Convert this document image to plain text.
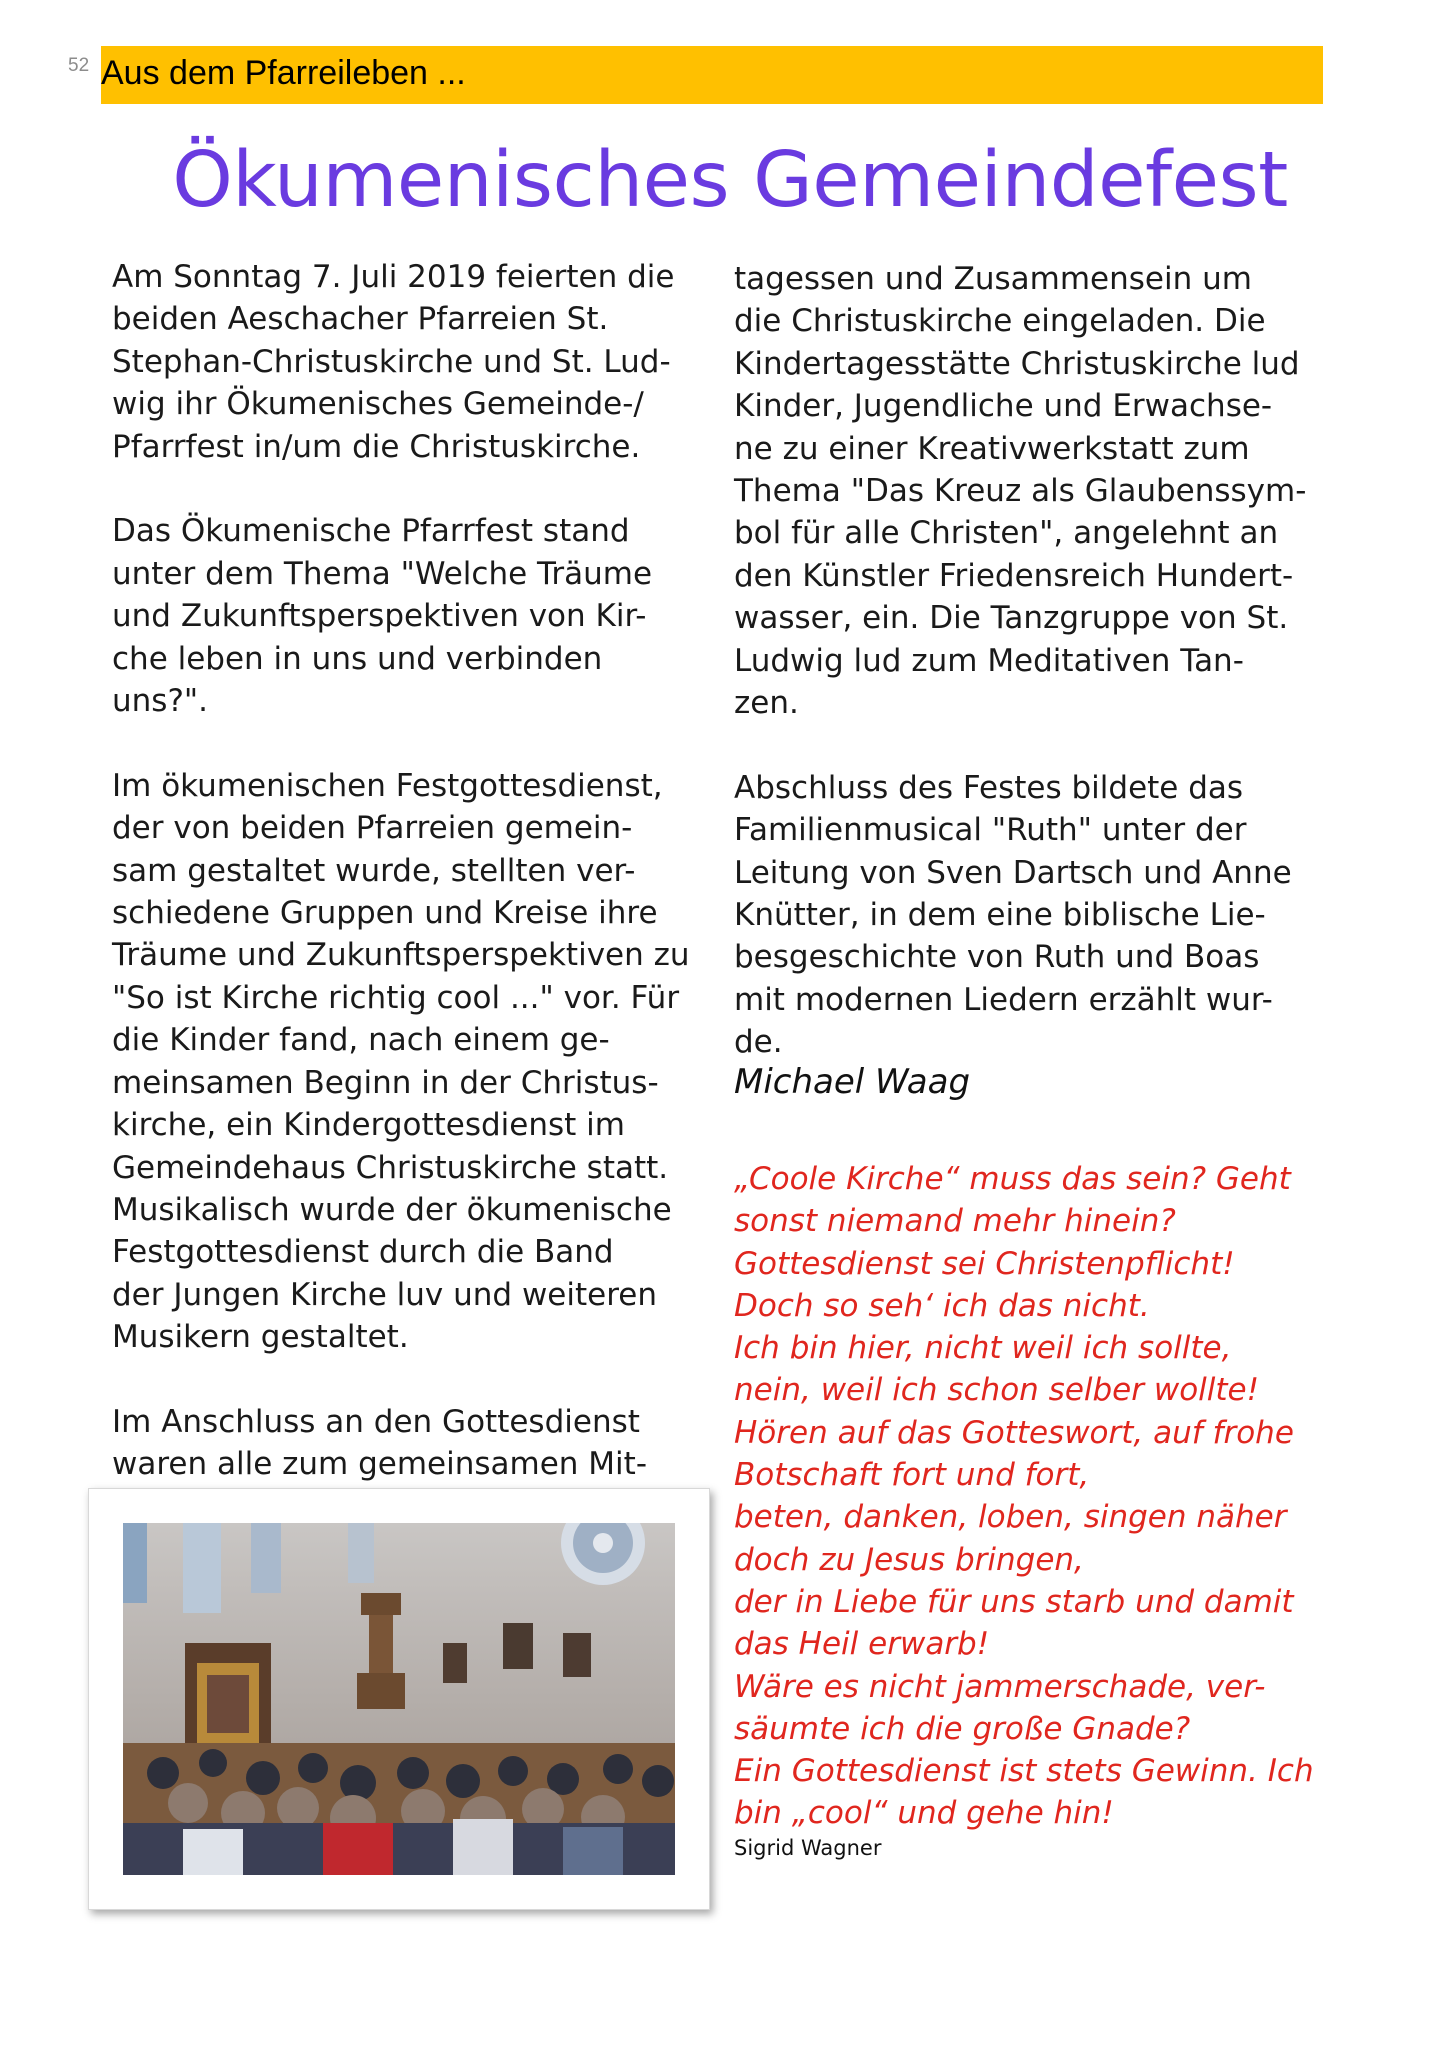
52 Aus dem Pfarreileben ...
Ökumenisches Gemeindefest

Am Sonntag 7. Juli 2019 feierten die
beiden Aeschacher Pfarreien St.
Stephan-Christuskirche und St. Lud-
wig ihr Ökumenisches Gemeinde-/
Pfarrfest in/um die Christuskirche.

Das Ökumenische Pfarrfest stand
unter dem Thema "Welche Träume
und Zukunftsperspektiven von Kir-
che leben in uns und verbinden
uns?".

Im ökumenischen Festgottesdienst,
der von beiden Pfarreien gemein-
sam gestaltet wurde, stellten ver-
schiedene Gruppen und Kreise ihre
Träume und Zukunftsperspektiven zu
"So ist Kirche richtig cool ..." vor. Für
die Kinder fand, nach einem ge-
meinsamen Beginn in der Christus-
kirche, ein Kindergottesdienst im
Gemeindehaus Christuskirche statt.
Musikalisch wurde der ökumenische
Festgottesdienst durch die Band
der Jungen Kirche luv und weiteren
Musikern gestaltet.

Im Anschluss an den Gottesdienst
waren alle zum gemeinsamen Mit-

tagessen und Zusammensein um
die Christuskirche eingeladen. Die
Kindertagesstätte Christuskirche lud
Kinder, Jugendliche und Erwachse-
ne zu einer Kreativwerkstatt zum
Thema "Das Kreuz als Glaubenssym-
bol für alle Christen", angelehnt an
den Künstler Friedensreich Hundert-
wasser, ein. Die Tanzgruppe von St.
Ludwig lud zum Meditativen Tan-
zen.

Abschluss des Festes bildete das
Familienmusical "Ruth" unter der
Leitung von Sven Dartsch und Anne
Knütter, in dem eine biblische Lie-
besgeschichte von Ruth und Boas
mit modernen Liedern erzählt wur-
de.

Michael Waag
„Coole Kirche“ muss das sein? Geht
sonst niemand mehr hinein?
Gottesdienst sei Christenpflicht!
Doch so seh‘ ich das nicht.
Ich bin hier, nicht weil ich sollte,
nein, weil ich schon selber wollte!
Hören auf das Gotteswort, auf frohe
Botschaft fort und fort,
beten, danken, loben, singen näher
doch zu Jesus bringen,
der in Liebe für uns starb und damit
das Heil erwarb!
Wäre es nicht jammerschade, ver-
säumte ich die große Gnade?
Ein Gottesdienst ist stets Gewinn. Ich
bin „cool“ und gehe hin!
Sigrid Wagner
